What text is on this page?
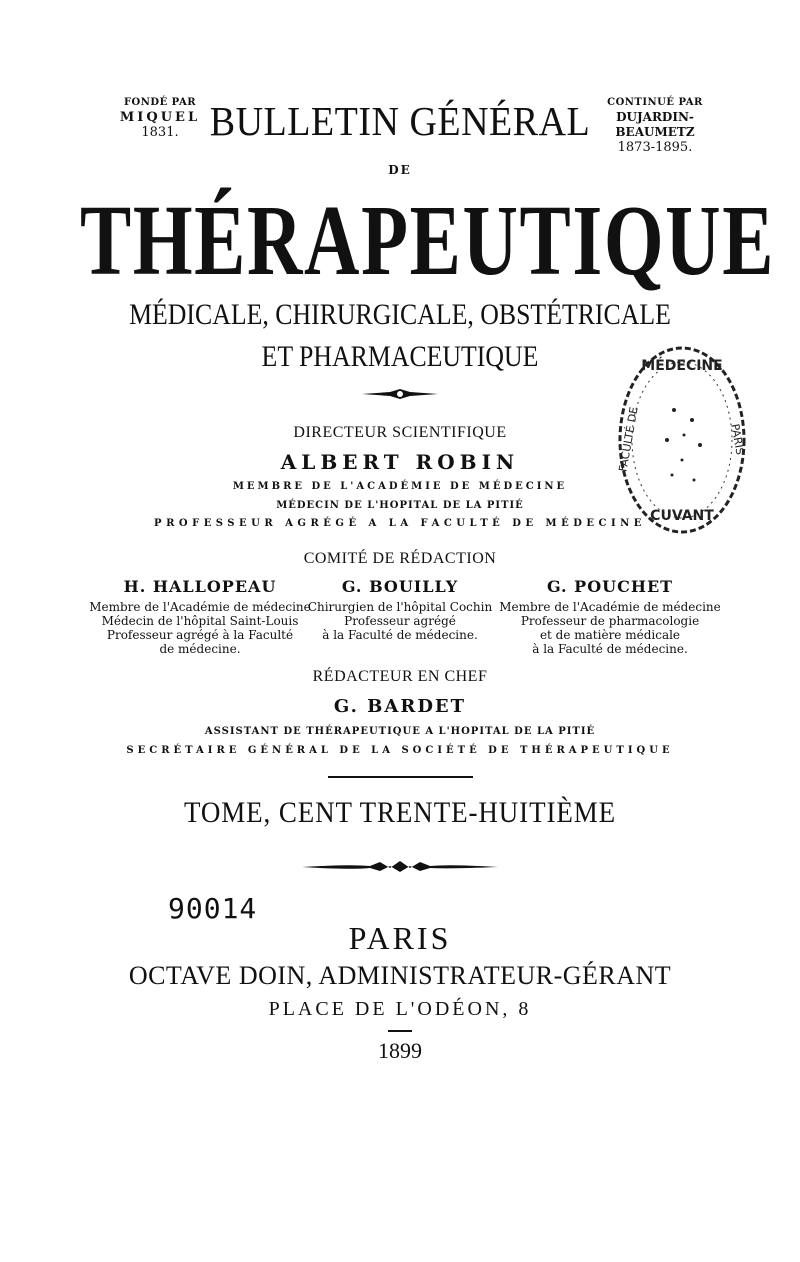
FONDÉ PAR
MIQUEL
1831.
CONTINUÉ PAR
DUJARDIN-BEAUMETZ
1873-1895.
BULLETIN GÉNÉRAL
DE
THÉRAPEUTIQUE
MÉDICALE, CHIRURGICALE, OBSTÉTRICALE
ET PHARMACEUTIQUE	MÉDECINE
CUVANT
FACULTÉ DE	PARIS
DIRECTEUR SCIENTIFIQUE
ALBERT ROBIN
MEMBRE DE L'ACADÉMIE DE MÉDECINE
MÉDECIN DE L'HOPITAL DE LA PITIÉ
PROFESSEUR AGRÉGÉ A LA FACULTÉ DE MÉDECINE
COMITÉ DE RÉDACTION
H. HALLOPEAU
Membre de l'Académie de médecine
Médecin de l'hôpital Saint-Louis
Professeur agrégé à la Faculté
de médecine.
G. BOUILLY
Chirurgien de l'hôpital Cochin
Professeur agrégé
à la Faculté de médecine.
G. POUCHET
Membre de l'Académie de médecine
Professeur de pharmacologie
et de matière médicale
à la Faculté de médecine.
RÉDACTEUR EN CHEF
G. BARDET
ASSISTANT DE THÉRAPEUTIQUE A L'HOPITAL DE LA PITIÉ
SECRÉTAIRE GÉNÉRAL DE LA SOCIÉTÉ DE THÉRAPEUTIQUE
TOME, CENT TRENTE-HUITIÈME
90014
PARIS
OCTAVE DOIN, ADMINISTRATEUR-GÉRANT
PLACE DE L'ODÉON, 8
1899
